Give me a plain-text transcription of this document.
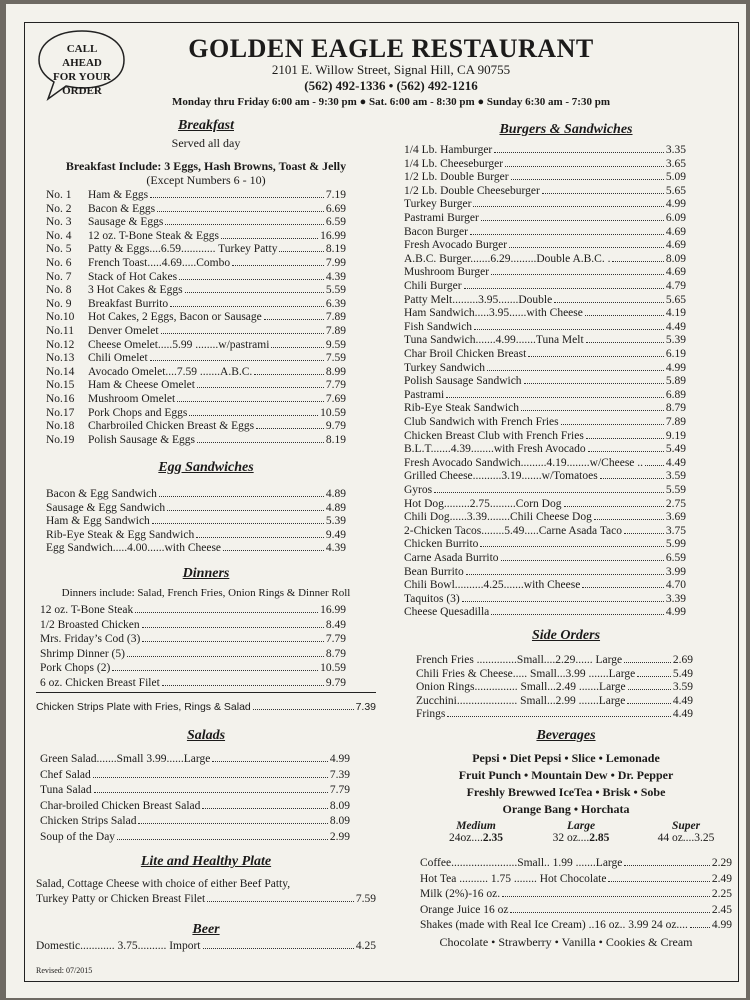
CALL
AHEAD
FOR YOUR
ORDER
GOLDEN EAGLE RESTAURANT
2101 E. Willow Street, Signal Hill, CA 90755
(562) 492-1336 • (562) 492-1216
Monday thru Friday 6:00 am - 9:30 pm ● Sat. 6:00 am - 8:30 pm ● Sunday 6:30 am - 7:30 pm
Breakfast
Served all day
Breakfast Include: 3 Eggs, Hash Browns, Toast & Jelly
(Except Numbers 6 - 10)
No. 1	Ham & Eggs	7.19
No. 2	Bacon & Eggs	6.69
No. 3	Sausage & Eggs	6.59
No. 4	12 oz. T-Bone Steak & Eggs	16.99
No. 5	Patty & Eggs....6.59............ Turkey Patty	8.19
No. 6	French Toast.....4.69.....Combo	7.99
No. 7	Stack of Hot Cakes	4.39
No. 8	3 Hot Cakes & Eggs	5.59
No. 9	Breakfast Burrito	6.39
No.10	Hot Cakes, 2 Eggs, Bacon or Sausage	7.89
No.11	Denver Omelet	7.89
No.12	Cheese Omelet.....5.99 ........w/pastrami	9.59
No.13	Chili Omelet	7.59
No.14	Avocado Omelet....7.59 .......A.B.C.	8.99
No.15	Ham & Cheese Omelet	7.79
No.16	Mushroom Omelet	7.69
No.17	Pork Chops and Eggs	10.59
No.18	Charbroiled Chicken Breast & Eggs	9.79
No.19	Polish Sausage & Eggs	8.19
Egg Sandwiches
Bacon & Egg Sandwich	4.89
Sausage & Egg Sandwich	4.89
Ham & Egg Sandwich	5.39
Rib-Eye Steak & Egg Sandwich	9.49
Egg Sandwich.....4.00......with Cheese	4.39
Dinners
Dinners include: Salad, French Fries, Onion Rings & Dinner Roll
12 oz. T-Bone Steak	16.99
1/2 Broasted Chicken	8.49
Mrs. Friday’s Cod (3)	7.79
Shrimp Dinner (5)	8.79
Pork Chops (2)	10.59
6 oz. Chicken Breast Filet	9.79
Chicken Strips Plate with Fries, Rings & Salad	7.39
Salads
Green Salad.......Small 3.99......Large	4.99
Chef Salad	7.39
Tuna Salad	7.79
Char-broiled Chicken Breast Salad	8.09
Chicken Strips Salad	8.09
Soup of the Day	2.99
Lite and Healthy Plate
Salad, Cottage Cheese with choice of either Beef Patty,
Turkey Patty or Chicken Breast Filet	7.59
Beer
Domestic............ 3.75.......... Import	4.25
Revised: 07/2015
Burgers & Sandwiches
1/4 Lb. Hamburger	3.35
1/4 Lb. Cheeseburger	3.65
1/2 Lb. Double Burger	5.09
1/2 Lb. Double Cheeseburger	5.65
Turkey Burger	4.99
Pastrami Burger	6.09
Bacon Burger	4.69
Fresh Avocado Burger	4.69
A.B.C. Burger.......6.29.........Double A.B.C. .	8.09
Mushroom Burger	4.69
Chili Burger	4.79
Patty Melt.........3.95.......Double	5.65
Ham Sandwich.....3.95......with Cheese	4.19
Fish Sandwich	4.49
Tuna Sandwich.......4.99.......Tuna Melt	5.39
Char Broil Chicken Breast	6.19
Turkey Sandwich	4.99
Polish Sausage Sandwich	5.89
Pastrami	6.89
Rib-Eye Steak Sandwich	8.79
Club Sandwich with French Fries	7.89
Chicken Breast Club with French Fries	9.19
B.L.T.......4.39........with Fresh Avocado	5.49
Fresh Avocado Sandwich.........4.19........w/Cheese .. 4.49
Grilled Cheese..........3.19.......w/Tomatoes	3.59
Gyros	5.59
Hot Dog.........2.75.........Corn Dog	2.75
Chili Dog......3.39........Chili Cheese Dog	3.69
2-Chicken Tacos........5.49.....Carne Asada Taco	3.75
Chicken Burrito	5.99
Carne Asada Burrito	6.59
Bean Burrito	3.99
Chili Bowl..........4.25.......with Cheese	4.70
Taquitos (3)	3.39
Cheese Quesadilla	4.99
Side Orders
French Fries ..............Small....2.29...... Large	2.69
Chili Fries & Cheese..... Small...3.99 .......Large	5.49
Onion Rings............... Small...2.49 .......Large	3.59
Zucchini..................... Small...2.99 .......Large	4.49
Frings	4.49
Beverages
Pepsi • Diet Pepsi • Slice • Lemonade
Fruit Punch • Mountain Dew • Dr. Pepper
Freshly Brewwed IceTea • Brisk • Sobe
Orange Bang • Horchata
Medium
24oz....2.35
Large
32 oz....2.85
Super
44 oz....3.25
Coffee.......................Small.. 1.99 .......Large	2.29
Hot Tea .......... 1.75 ........ Hot Chocolate	2.49
Milk (2%)-16 oz.	2.25
Orange Juice 16 oz	2.45
Shakes (made with Real Ice Cream) ..16 oz.. 3.99 24 oz.... 4.99
Chocolate • Strawberry • Vanilla • Cookies & Cream
